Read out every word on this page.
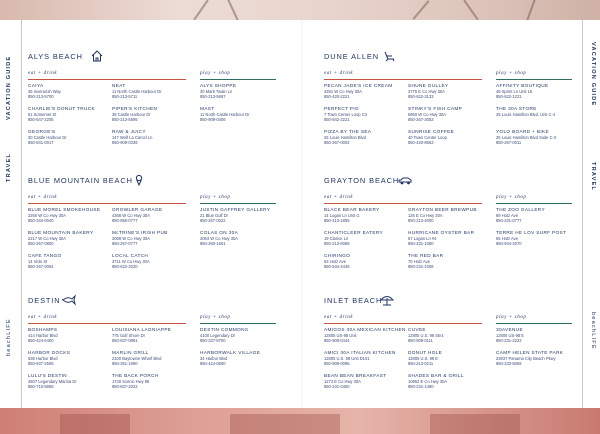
VACATION GUIDE
TRAVEL
beachLIFE
VACATION GUIDE
TRAVEL
beachLIFE
ALYS BEACH
eat + drink	play + shop
CAIYA
35 Inverarish Way
850-213-5700
CHARLIE'S DONUT TRUCK
61 Somerset St
850-547-2205
GEORGE'S
30 Castle Harbour Dr
850-641-0017
NEAT
11 North Castle Harbour Dr
850-213-5711
PIPER'S KITCHEN
38 Castle Harbour Dr
850-213-5595
RAW & JUICY
147 Wolf La Carcel Ln
850-909-0339
ALYS SHOPPE
30 Mark Twain Ln
850-213-5697
MAST
11 North Castle Harbour Dr
850-909-0406
DUNE ALLEN
eat + drink	play + shop
PECAN JADE'S ICE CREAM
4281 W Co Hwy 30A
850-420-2221
PERFECT PIG
7 Town Center Loop C3
850-842-2221
PIZZA BY THE SEA
25 Louis Hamilton Blvd
850-267-0002
SHUNE GULLEY
3775 E Co Hwy 30A
850-622-3133
STINKY'S FISH CAMP
5960 W Co Hwy 30A
850-267-3053
SUNRISE COFFEE
40 Town Center Loop
850-420-8653
AFFINITY BOUTIQUE
49 Sprint Ln Unit 15
850-622-1221
THE 30A STORE
25 Louis Hamilton Blvd, Unit C-4
YOLO BOARD + BIKE
25 Louis Hamilton Blvd Suite C-3
850-267-0011
BLUE MOUNTAIN BEACH
eat + drink	play + shop
BLUE MOREL SMOKEHOUSE
2260 W Co Hwy 30A
850-344-0040
BLUE MOUNTAIN BAKERY
2217 W Co Hwy 30A
850-267-0800
CAFE TANGO
14 Vicki St
850-267-0054
GROWLER GARAGE
4368 W Co Hwy 30A
850-855-0777
McTRINE'S IRISH PUB
2068 W Co Hwy 30A
850-267-0777
LOCAL CATCH
3711 W Co Hwy 30A
850-622-2020
JUSTIN GAFFREY GALLERY
21 Blue Gulf Dr
850-267-0022
COLAS ON 30A
2064 W Co Hwy 30A
850-260-1661
GRAYTON BEACH
eat + drink	play + shop
BLACK BEAR BAKERY
14 Logan Ln Unit G
850-213-1855
CHANTICLEER EATERY
19 Clarice Ln
850-213-6085
CHIRINGO
63 Hotz Ave
850-534-4449
GRAYTON BEER BREWPUB
126 E Co Hwy 30A
850-213-4000
HURRICANE OYSTER BAR
57 Logan Ln #4
850-231-1080
THE RED BAR
70 Hotz Ave
850-231-1008
THE ZOO GALLERY
89 Hotz Ave
850-231-0777
TERRE HE LOV SURF POST
66 Hotz Ave
850-934-4070
DESTIN
eat + drink	play + shop
BOSHAMPS
414 Harbor Blvd
850-424-6400
HARBOR DOCKS
538 Harbor Blvd
850-837-2506
LULU'S DESTIN
4607 Legendary Marina Dr
850-710-5858
LOUISIANA LAGNIAPPE
775 Gulf Shore Dr
850-837-0881
MARLIN GRILL
2100 Baytowne Wharf Blvd
850-351-1990
THE BACK PORCH
1740 Scenic Hwy 98
850-837-2022
DESTIN COMMONS
4100 Legendary Dr
850-337-8700
HARBORWALK VILLAGE
34 Harbor Blvd
850-424-0600
INLET BEACH
eat + drink	play + shop
AMIGOS 30A MEXICAN KITCHEN
12805 US-98 Unit
850-909-0444
AMICI 30A ITALIAN KITCHEN
12805 U.S. 98 Unit D101
850-909-0095
BEAN BEAN BREAKFAST
1272 E Co Hwy 30A
850-231-0450
CUVEE
12805 U.S. 98 Ste1
850-909-0111
DONUT HOLE
12805 U.S. 98 E
850-213-0211
SHADES BAR & GRILL
10952 E Co Hwy 30A
850-231-1480
30AVENUE
12805 US-98 E
850-231-2222
CAMP HELEN STATE PARK
23937 Panama City Beach Pkwy
850-233-5059
